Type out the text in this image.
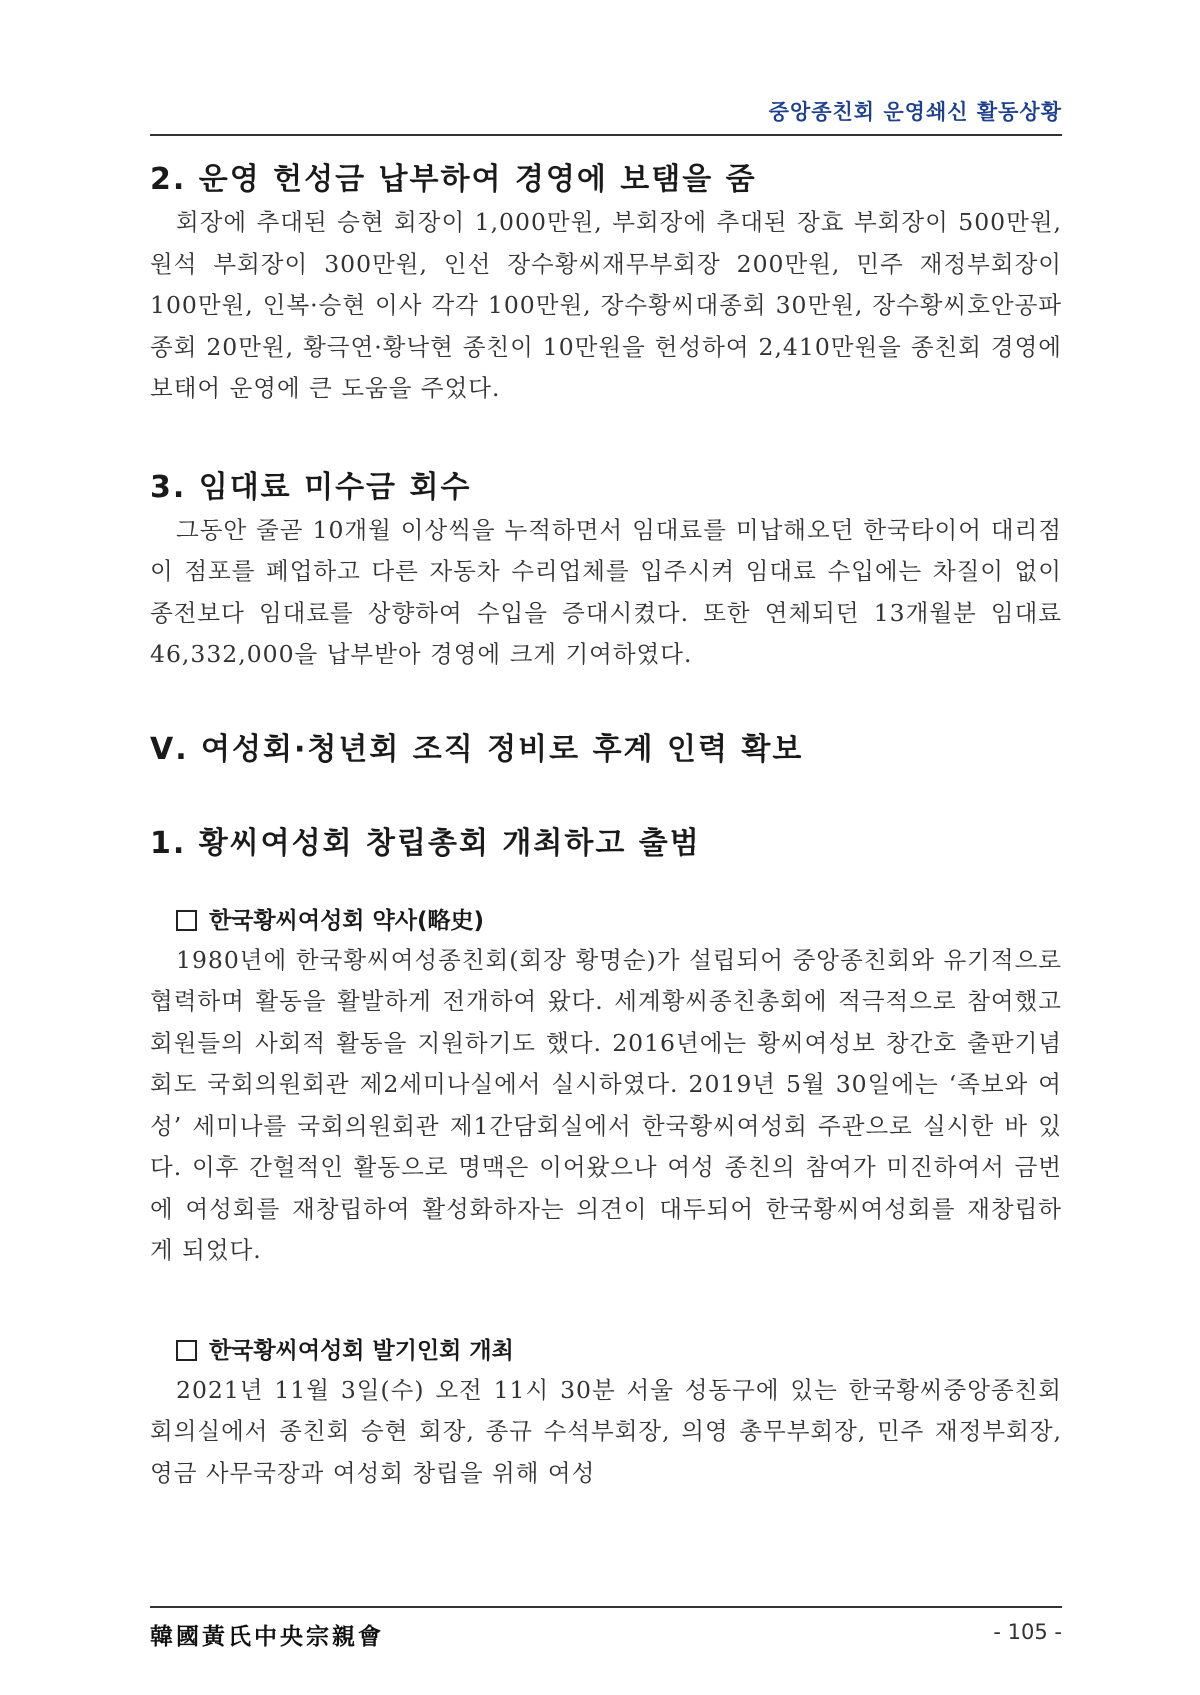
중앙종친회 운영쇄신 활동상황
2. 운영 헌성금 납부하여 경영에 보탬을 줌

회장에 추대된 승현 회장이 1,000만원, 부회장에 추대된 장효 부회장이 500만원, 원석 부회장이 300만원, 인선 장수황씨재무부회장 200만원, 민주 재정부회장이 100만원, 인복·승현 이사 각각 100만원, 장수황씨대종회 30만원, 장수황씨호안공파종회 20만원, 황극연·황낙현 종친이 10만원을 헌성하여 2,410만원을 종친회 경영에 보태어 운영에 큰 도움을 주었다.

3. 임대료 미수금 회수

그동안 줄곧 10개월 이상씩을 누적하면서 임대료를 미납해오던 한국타이어 대리점이 점포를 폐업하고 다른 자동차 수리업체를 입주시켜 임대료 수입에는 차질이 없이 종전보다 임대료를 상향하여 수입을 증대시켰다. 또한 연체되던 13개월분 임대료 46,332,000을 납부받아 경영에 크게 기여하였다.

Ⅴ. 여성회·청년회 조직 정비로 후계 인력 확보
1. 황씨여성회 창립총회 개최하고 출범
한국황씨여성회 약사(略史)

1980년에 한국황씨여성종친회(회장 황명순)가 설립되어 중앙종친회와 유기적으로 협력하며 활동을 활발하게 전개하여 왔다. 세계황씨종친총회에 적극적으로 참여했고 회원들의 사회적 활동을 지원하기도 했다. 2016년에는 황씨여성보 창간호 출판기념회도 국회의원회관 제2세미나실에서 실시하였다. 2019년 5월 30일에는 ‘족보와 여성’ 세미나를 국회의원회관 제1간담회실에서 한국황씨여성회 주관으로 실시한 바 있다. 이후 간헐적인 활동으로 명맥은 이어왔으나 여성 종친의 참여가 미진하여서 금번에 여성회를 재창립하여 활성화하자는 의견이 대두되어 한국황씨여성회를 재창립하게 되었다.

한국황씨여성회 발기인회 개최

2021년 11월 3일(수) 오전 11시 30분 서울 성동구에 있는 한국황씨중앙종친회 회의실에서 종친회 승현 회장, 종규 수석부회장, 의영 총무부회장, 민주 재정부회장, 영금 사무국장과 여성회 창립을 위해 여성

韓國黃氏中央宗親會	- 105 -
